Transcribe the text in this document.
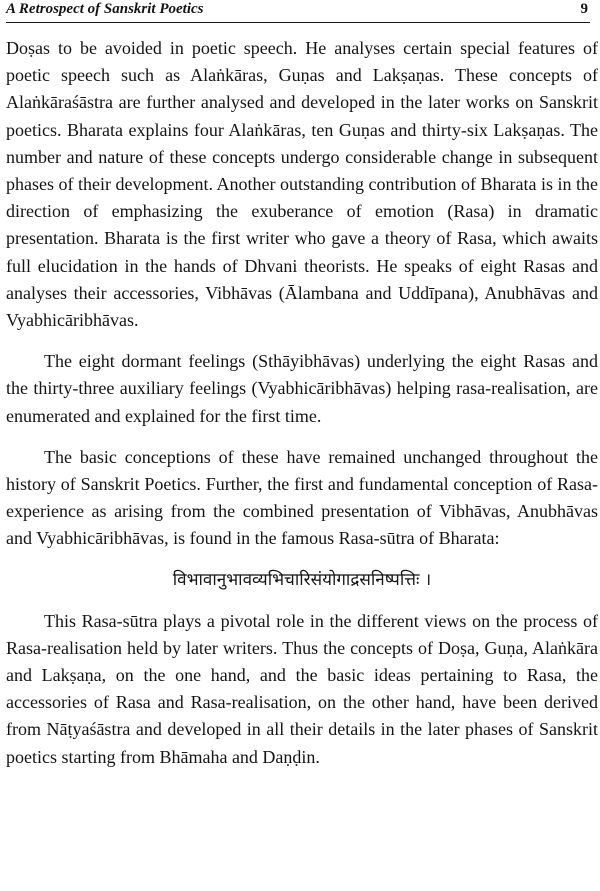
A Retrospect of Sanskrit Poetics	9

Doṣas to be avoided in poetic speech. He analyses certain special features of poetic speech such as Alaṅkāras, Guṇas and Lakṣaṇas. These concepts of Alaṅkāraśāstra are further analysed and developed in the later works on Sanskrit poetics. Bharata explains four Alaṅkāras, ten Guṇas and thirty-six Lakṣaṇas. The number and nature of these concepts undergo considerable change in subsequent phases of their development. Another outstanding contribution of Bharata is in the direction of emphasizing the exuberance of emotion (Rasa) in dramatic presentation. Bharata is the first writer who gave a theory of Rasa, which awaits full elucidation in the hands of Dhvani theorists. He speaks of eight Rasas and analyses their accessories, Vibhāvas (Ālambana and Uddīpana), Anubhāvas and Vyabhicāribhāvas.

The eight dormant feelings (Sthāyibhāvas) underlying the eight Rasas and the thirty-three auxiliary feelings (Vyabhicāribhāvas) helping rasa-realisation, are enumerated and explained for the first time.

The basic conceptions of these have remained unchanged throughout the history of Sanskrit Poetics. Further, the first and fundamental conception of Rasa-experience as arising from the combined presentation of Vibhāvas, Anubhāvas and Vyabhicāribhāvas, is found in the famous Rasa-sūtra of Bharata:

विभावानुभावव्यभिचारिसंयोगाद्रसनिष्पत्तिः ।

This Rasa-sūtra plays a pivotal role in the different views on the process of Rasa-realisation held by later writers. Thus the concepts of Doṣa, Guṇa, Alaṅkāra and Lakṣaṇa, on the one hand, and the basic ideas pertaining to Rasa, the accessories of Rasa and Rasa-realisation, on the other hand, have been derived from Nāṭyaśāstra and developed in all their details in the later phases of Sanskrit poetics starting from Bhāmaha and Daṇḍin.
